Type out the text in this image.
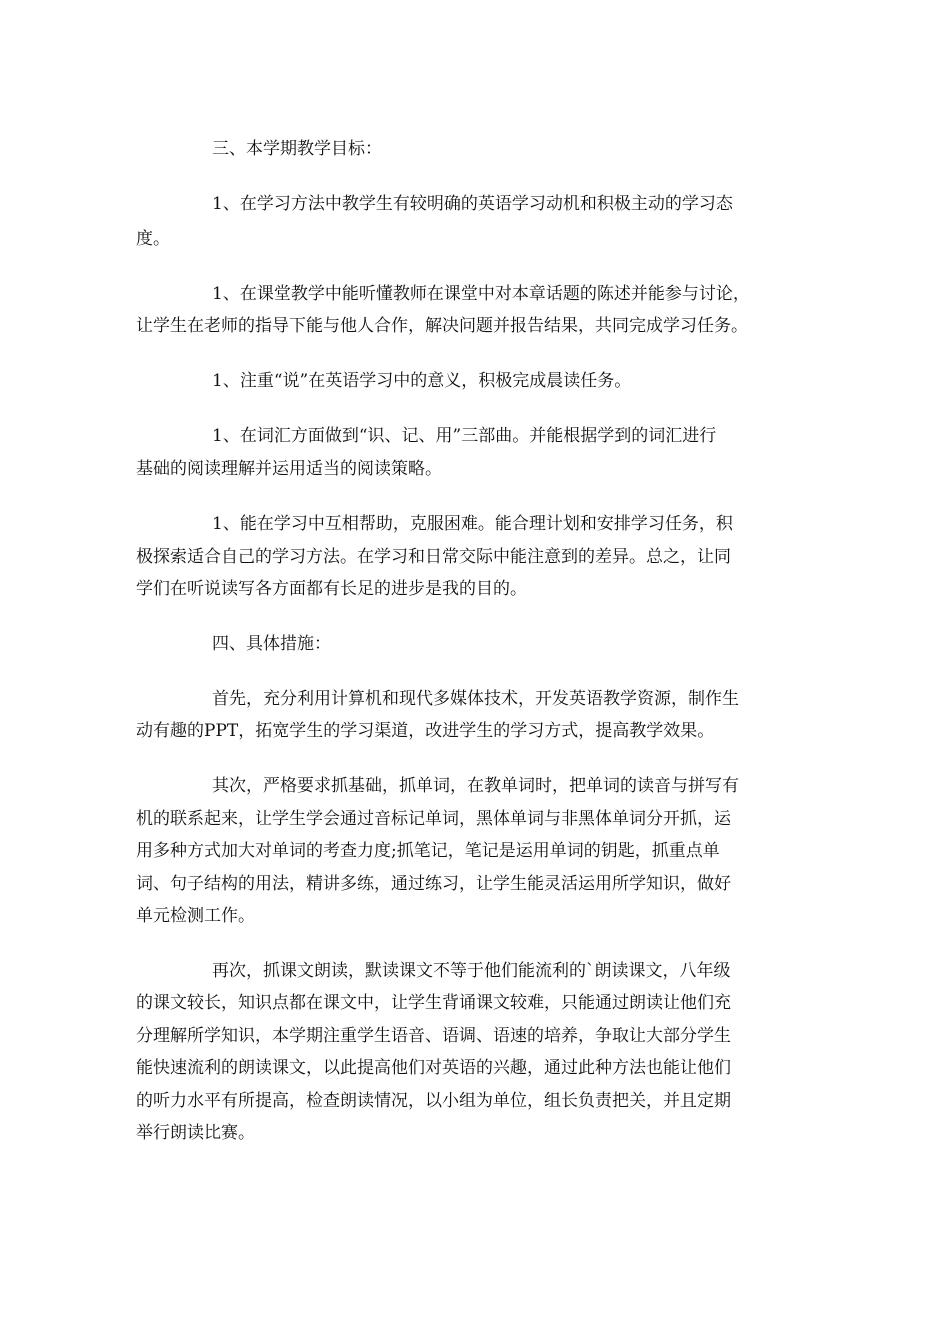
三、本学期教学目标：
1、在学习方法中教学生有较明确的英语学习动机和积极主动的学习态
度。
1、在课堂教学中能听懂教师在课堂中对本章话题的陈述并能参与讨论，
让学生在老师的指导下能与他人合作，解决问题并报告结果，共同完成学习任务。
1、注重“说”在英语学习中的意义，积极完成晨读任务。
1、在词汇方面做到“识、记、用”三部曲。并能根据学到的词汇进行
基础的阅读理解并运用适当的阅读策略。
1、能在学习中互相帮助，克服困难。能合理计划和安排学习任务，积
极探索适合自己的学习方法。在学习和日常交际中能注意到的差异。总之，让同
学们在听说读写各方面都有长足的进步是我的目的。
四、具体措施：
首先，充分利用计算机和现代多媒体技术，开发英语教学资源，制作生
动有趣的PPT，拓宽学生的学习渠道，改进学生的学习方式，提高教学效果。
其次，严格要求抓基础，抓单词，在教单词时，把单词的读音与拼写有
机的联系起来，让学生学会通过音标记单词，黑体单词与非黑体单词分开抓，运
用多种方式加大对单词的考查力度;抓笔记，笔记是运用单词的钥匙，抓重点单
词、句子结构的用法，精讲多练，通过练习，让学生能灵活运用所学知识，做好
单元检测工作。
再次，抓课文朗读，默读课文不等于他们能流利的`朗读课文，八年级
的课文较长，知识点都在课文中，让学生背诵课文较难，只能通过朗读让他们充
分理解所学知识，本学期注重学生语音、语调、语速的培养，争取让大部分学生
能快速流利的朗读课文，以此提高他们对英语的兴趣，通过此种方法也能让他们
的听力水平有所提高，检查朗读情况，以小组为单位，组长负责把关，并且定期
举行朗读比赛。
